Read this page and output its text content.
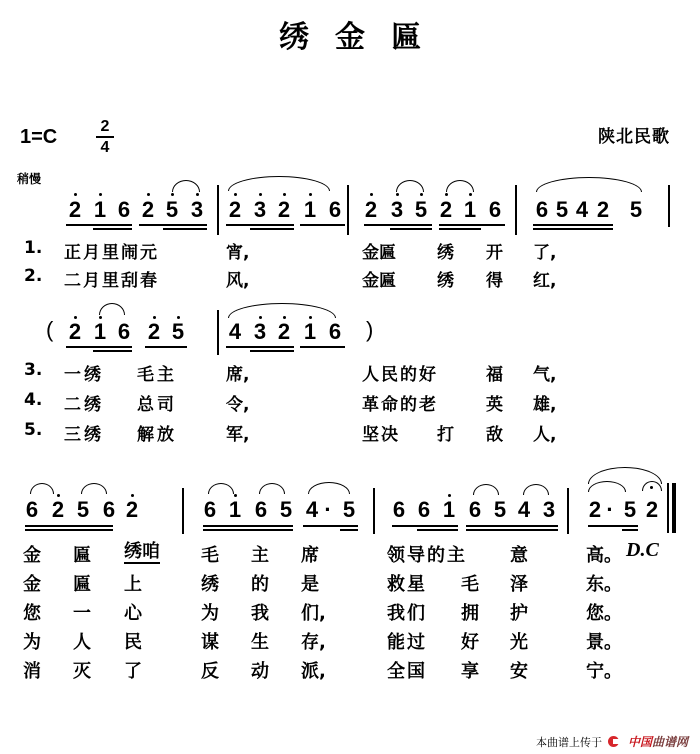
绣金匾
1=C	2
4
陕北民歌
稍慢
2 1 6 2 5 3 2 3 2 1 6 2 3 5 2 1 6 6 5 4 2 5
1. 正月里闹元	宵,	金匾 绣 开 了,
2. 二月里刮春	风,	金匾 绣 得 红,
( 2 1 6 2 5 4 3 2 1 6 )
3. 一绣 毛主	席,	人民的好	福 气,
4. 二绣 总司	令,	革命的老	英 雄,
5. 三绣 解放	军,	坚决 打 敌 人,
6 2 5 6 2	6 1 6 5 4 · 5 6 6 1 6 5 4 3 2 · 5 2
金 匾 绣咱 毛 主 席	领导的主 意	高。 D.C
金 匾 上	绣 的 是	救星 毛 泽	东。
您 一 心	为 我 们,	我们 拥 护	您。
为 人 民	谋 生 存,	能过 好 光	景。
消 灭 了	反 动 派,	全国 享 安	宁。
本曲谱上传于 中国曲谱网
